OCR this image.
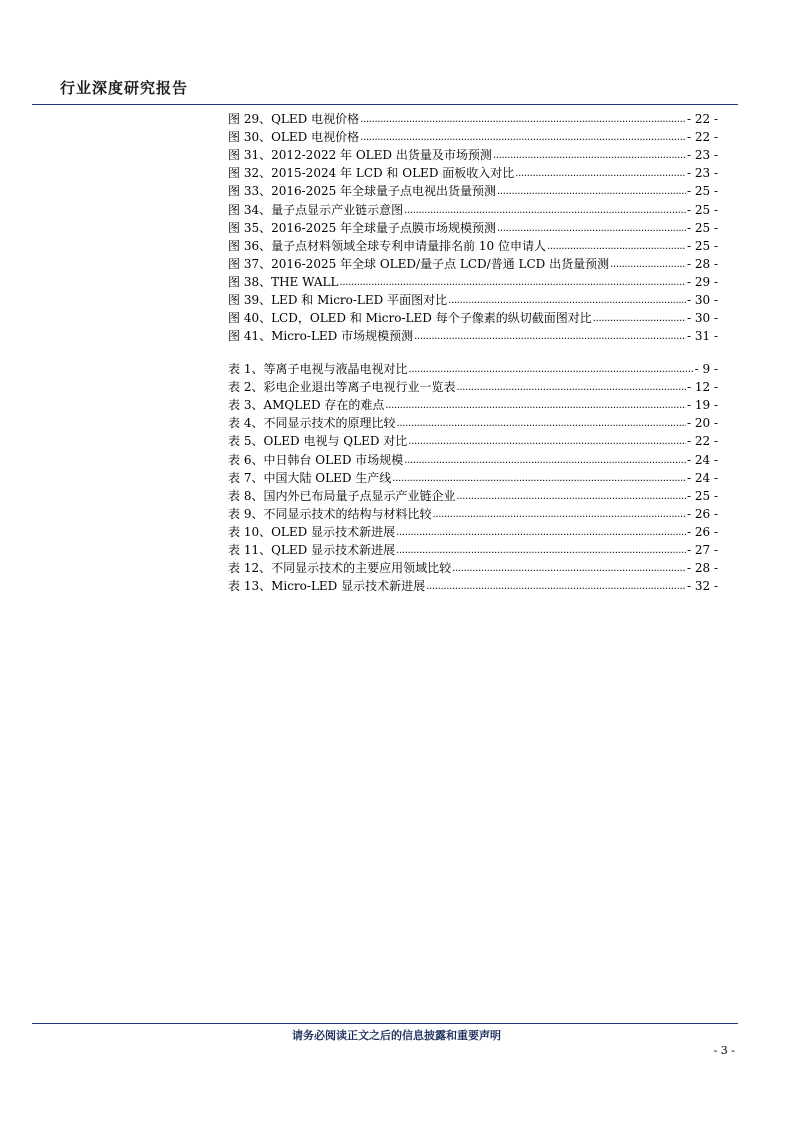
行业深度研究报告
图 29、QLED 电视价格 .....	- 22 -
图 30、OLED 电视价格 .....	- 22 -
图 31、2012-2022 年 OLED 出货量及市场预测 .....	- 23 -
图 32、2015-2024 年 LCD 和 OLED 面板收入对比 .....	- 23 -
图 33、2016-2025 年全球量子点电视出货量预测 .....	- 25 -
图 34、量子点显示产业链示意图 .....	- 25 -
图 35、2016-2025 年全球量子点膜市场规模预测 .....	- 25 -
图 36、量子点材料领域全球专利申请量排名前 10 位申请人 .....	- 25 -
图 37、2016-2025 年全球 OLED/量子点 LCD/普通 LCD 出货量预测 .....	- 28 -
图 38、THE WALL .....	- 29 -
图 39、LED 和 Micro-LED 平面图对比 .....	- 30 -
图 40、LCD，OLED 和 Micro-LED 每个子像素的纵切截面图对比 .....	- 30 -
图 41、Micro-LED 市场规模预测 .....	- 31 -
表 1、等离子电视与液晶电视对比 .....	- 9 -
表 2、彩电企业退出等离子电视行业一览表 .....	- 12 -
表 3、AMQLED 存在的难点 .....	- 19 -
表 4、不同显示技术的原理比较 .....	- 20 -
表 5、OLED 电视与 QLED 对比 .....	- 22 -
表 6、中日韩台 OLED 市场规模 .....	- 24 -
表 7、中国大陆 OLED 生产线 .....	- 24 -
表 8、国内外已布局量子点显示产业链企业 .....	- 25 -
表 9、不同显示技术的结构与材料比较 .....	- 26 -
表 10、OLED 显示技术新进展 .....	- 26 -
表 11、QLED 显示技术新进展 .....	- 27 -
表 12、不同显示技术的主要应用领域比较 .....	- 28 -
表 13、Micro-LED 显示技术新进展 .....	- 32 -
请务必阅读正文之后的信息披露和重要声明
- 3 -
